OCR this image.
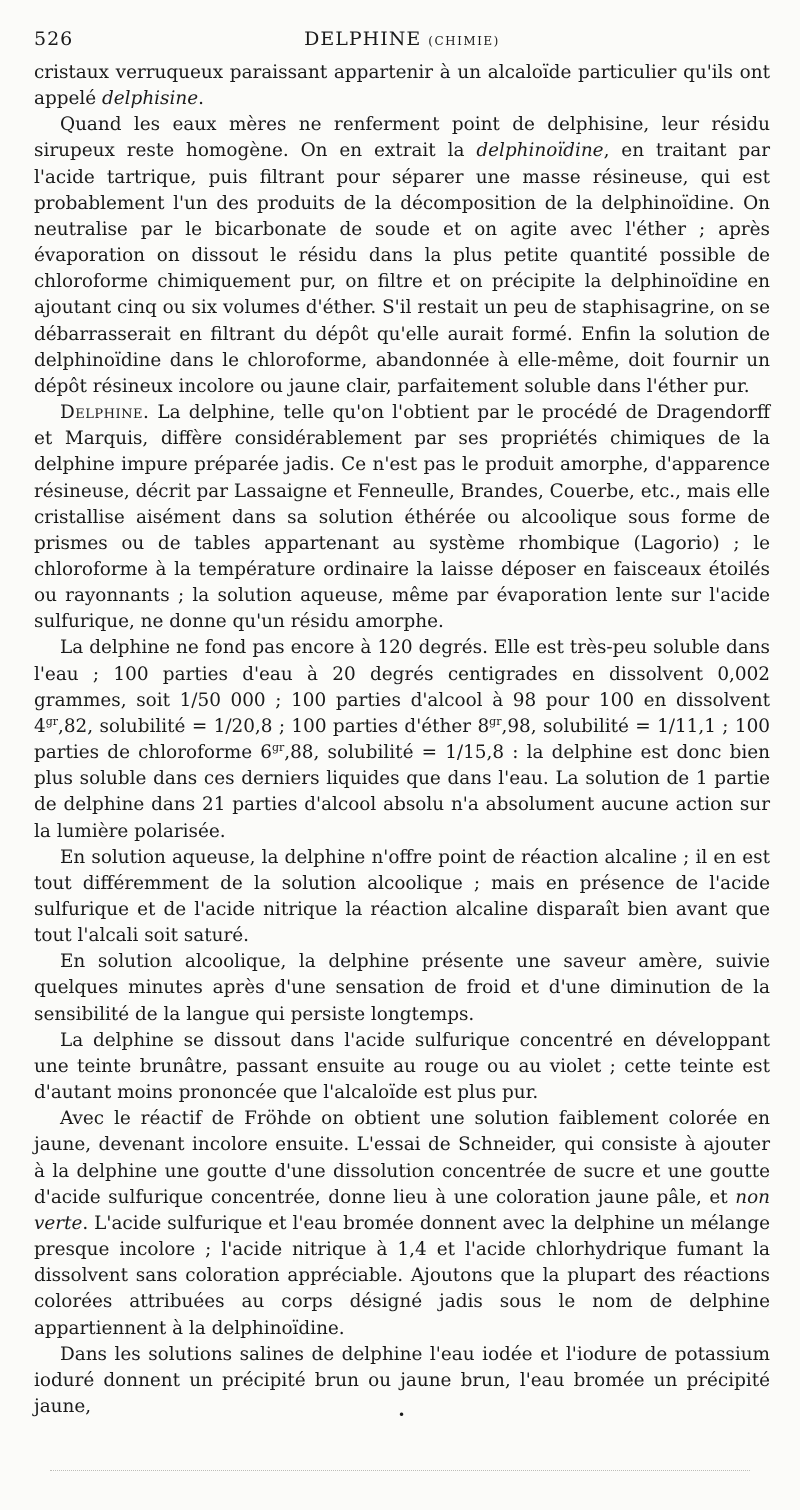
526	DELPHINE (CHIMIE)

cristaux verruqueux paraissant appartenir à un alcaloïde particulier qu'ils ont appelé delphisine.

Quand les eaux mères ne renferment point de delphisine, leur résidu sirupeux reste homogène. On en extrait la delphinoïdine, en traitant par l'acide tartrique, puis filtrant pour séparer une masse résineuse, qui est probablement l'un des produits de la décomposition de la delphinoïdine. On neutralise par le bicarbonate de soude et on agite avec l'éther ; après évaporation on dissout le résidu dans la plus petite quantité possible de chloroforme chimiquement pur, on filtre et on précipite la delphinoïdine en ajoutant cinq ou six volumes d'éther. S'il restait un peu de staphisagrine, on se débarrasserait en filtrant du dépôt qu'elle aurait formé. Enfin la solution de delphinoïdine dans le chloroforme, abandonnée à elle-même, doit fournir un dépôt résineux incolore ou jaune clair, parfaitement soluble dans l'éther pur.

Delphine. La delphine, telle qu'on l'obtient par le procédé de Dragendorff et Marquis, diffère considérablement par ses propriétés chimiques de la delphine impure préparée jadis. Ce n'est pas le produit amorphe, d'apparence résineuse, décrit par Lassaigne et Fenneulle, Brandes, Couerbe, etc., mais elle cristallise aisément dans sa solution éthérée ou alcoolique sous forme de prismes ou de tables appartenant au système rhombique (Lagorio) ; le chloroforme à la température ordinaire la laisse déposer en faisceaux étoilés ou rayonnants ; la solution aqueuse, même par évaporation lente sur l'acide sulfurique, ne donne qu'un résidu amorphe.

La delphine ne fond pas encore à 120 degrés. Elle est très-peu soluble dans l'eau ; 100 parties d'eau à 20 degrés centigrades en dissolvent 0,002 grammes, soit 1/50 000 ; 100 parties d'alcool à 98 pour 100 en dissolvent $4^{gr},82$, solubilité = 1/20,8 ; 100 parties d'éther $8^{gr},98$, solubilité = 1/11,1 ; 100 parties de chloroforme $6^{gr},88$, solubilité = 1/15,8 : la delphine est donc bien plus soluble dans ces derniers liquides que dans l'eau. La solution de 1 partie de delphine dans 21 parties d'alcool absolu n'a absolument aucune action sur la lumière polarisée.

En solution aqueuse, la delphine n'offre point de réaction alcaline ; il en est tout différemment de la solution alcoolique ; mais en présence de l'acide sulfurique et de l'acide nitrique la réaction alcaline disparaît bien avant que tout l'alcali soit saturé.

En solution alcoolique, la delphine présente une saveur amère, suivie quelques minutes après d'une sensation de froid et d'une diminution de la sensibilité de la langue qui persiste longtemps.

La delphine se dissout dans l'acide sulfurique concentré en développant une teinte brunâtre, passant ensuite au rouge ou au violet ; cette teinte est d'autant moins prononcée que l'alcaloïde est plus pur.

Avec le réactif de Fröhde on obtient une solution faiblement colorée en jaune, devenant incolore ensuite. L'essai de Schneider, qui consiste à ajouter à la delphine une goutte d'une dissolution concentrée de sucre et une goutte d'acide sulfurique concentrée, donne lieu à une coloration jaune pâle, et non verte. L'acide sulfurique et l'eau bromée donnent avec la delphine un mélange presque incolore ; l'acide nitrique à 1,4 et l'acide chlorhydrique fumant la dissolvent sans coloration appréciable. Ajoutons que la plupart des réactions colorées attribuées au corps désigné jadis sous le nom de delphine appartiennent à la delphinoïdine.

Dans les solutions salines de delphine l'eau iodée et l'iodure de potassium ioduré donnent un précipité brun ou jaune brun, l'eau bromée un précipité jaune,	•
